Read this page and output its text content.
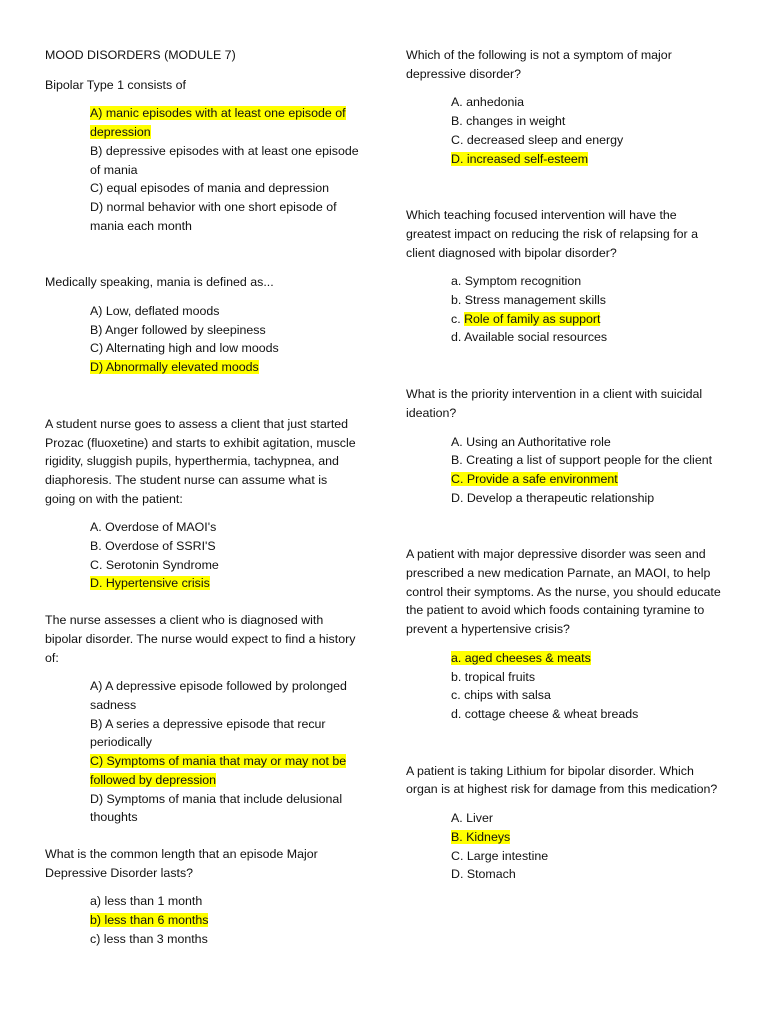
MOOD DISORDERS (MODULE 7)

Bipolar Type 1 consists of

A) manic episodes with at least one episode of depression

B) depressive episodes with at least one episode of mania

C) equal episodes of mania and depression

D) normal behavior with one short episode of mania each month

Medically speaking, mania is defined as...

A) Low, deflated moods

B) Anger followed by sleepiness

C) Alternating high and low moods

D) Abnormally elevated moods

A student nurse goes to assess a client that just started Prozac (fluoxetine) and starts to exhibit agitation, muscle rigidity, sluggish pupils, hyperthermia, tachypnea, and diaphoresis. The student nurse can assume what is going on with the patient:

A. Overdose of MAOI's

B. Overdose of SSRI'S

C. Serotonin Syndrome

D. Hypertensive crisis

The nurse assesses a client who is diagnosed with bipolar disorder. The nurse would expect to find a history of:

A) A depressive episode followed by prolonged sadness

B) A series a depressive episode that recur periodically

C) Symptoms of mania that may or may not be followed by depression

D) Symptoms of mania that include delusional thoughts

What is the common length that an episode Major Depressive Disorder lasts?

a) less than 1 month

b) less than 6 months

c) less than 3 months

Which of the following is not a symptom of major depressive disorder?

A. anhedonia

B. changes in weight

C. decreased sleep and energy

D. increased self-esteem

Which teaching focused intervention will have the greatest impact on reducing the risk of relapsing for a client diagnosed with bipolar disorder?

a. Symptom recognition

b. Stress management skills

c. Role of family as support

d. Available social resources

What is the priority intervention in a client with suicidal ideation?

A. Using an Authoritative role

B. Creating a list of support people for the client

C. Provide a safe environment

D. Develop a therapeutic relationship

A patient with major depressive disorder was seen and prescribed a new medication Parnate, an MAOI, to help control their symptoms. As the nurse, you should educate the patient to avoid which foods containing tyramine to prevent a hypertensive crisis?

a. aged cheeses & meats

b. tropical fruits

c. chips with salsa

d. cottage cheese & wheat breads

A patient is taking Lithium for bipolar disorder. Which organ is at highest risk for damage from this medication?

A. Liver

B. Kidneys

C. Large intestine

D. Stomach
